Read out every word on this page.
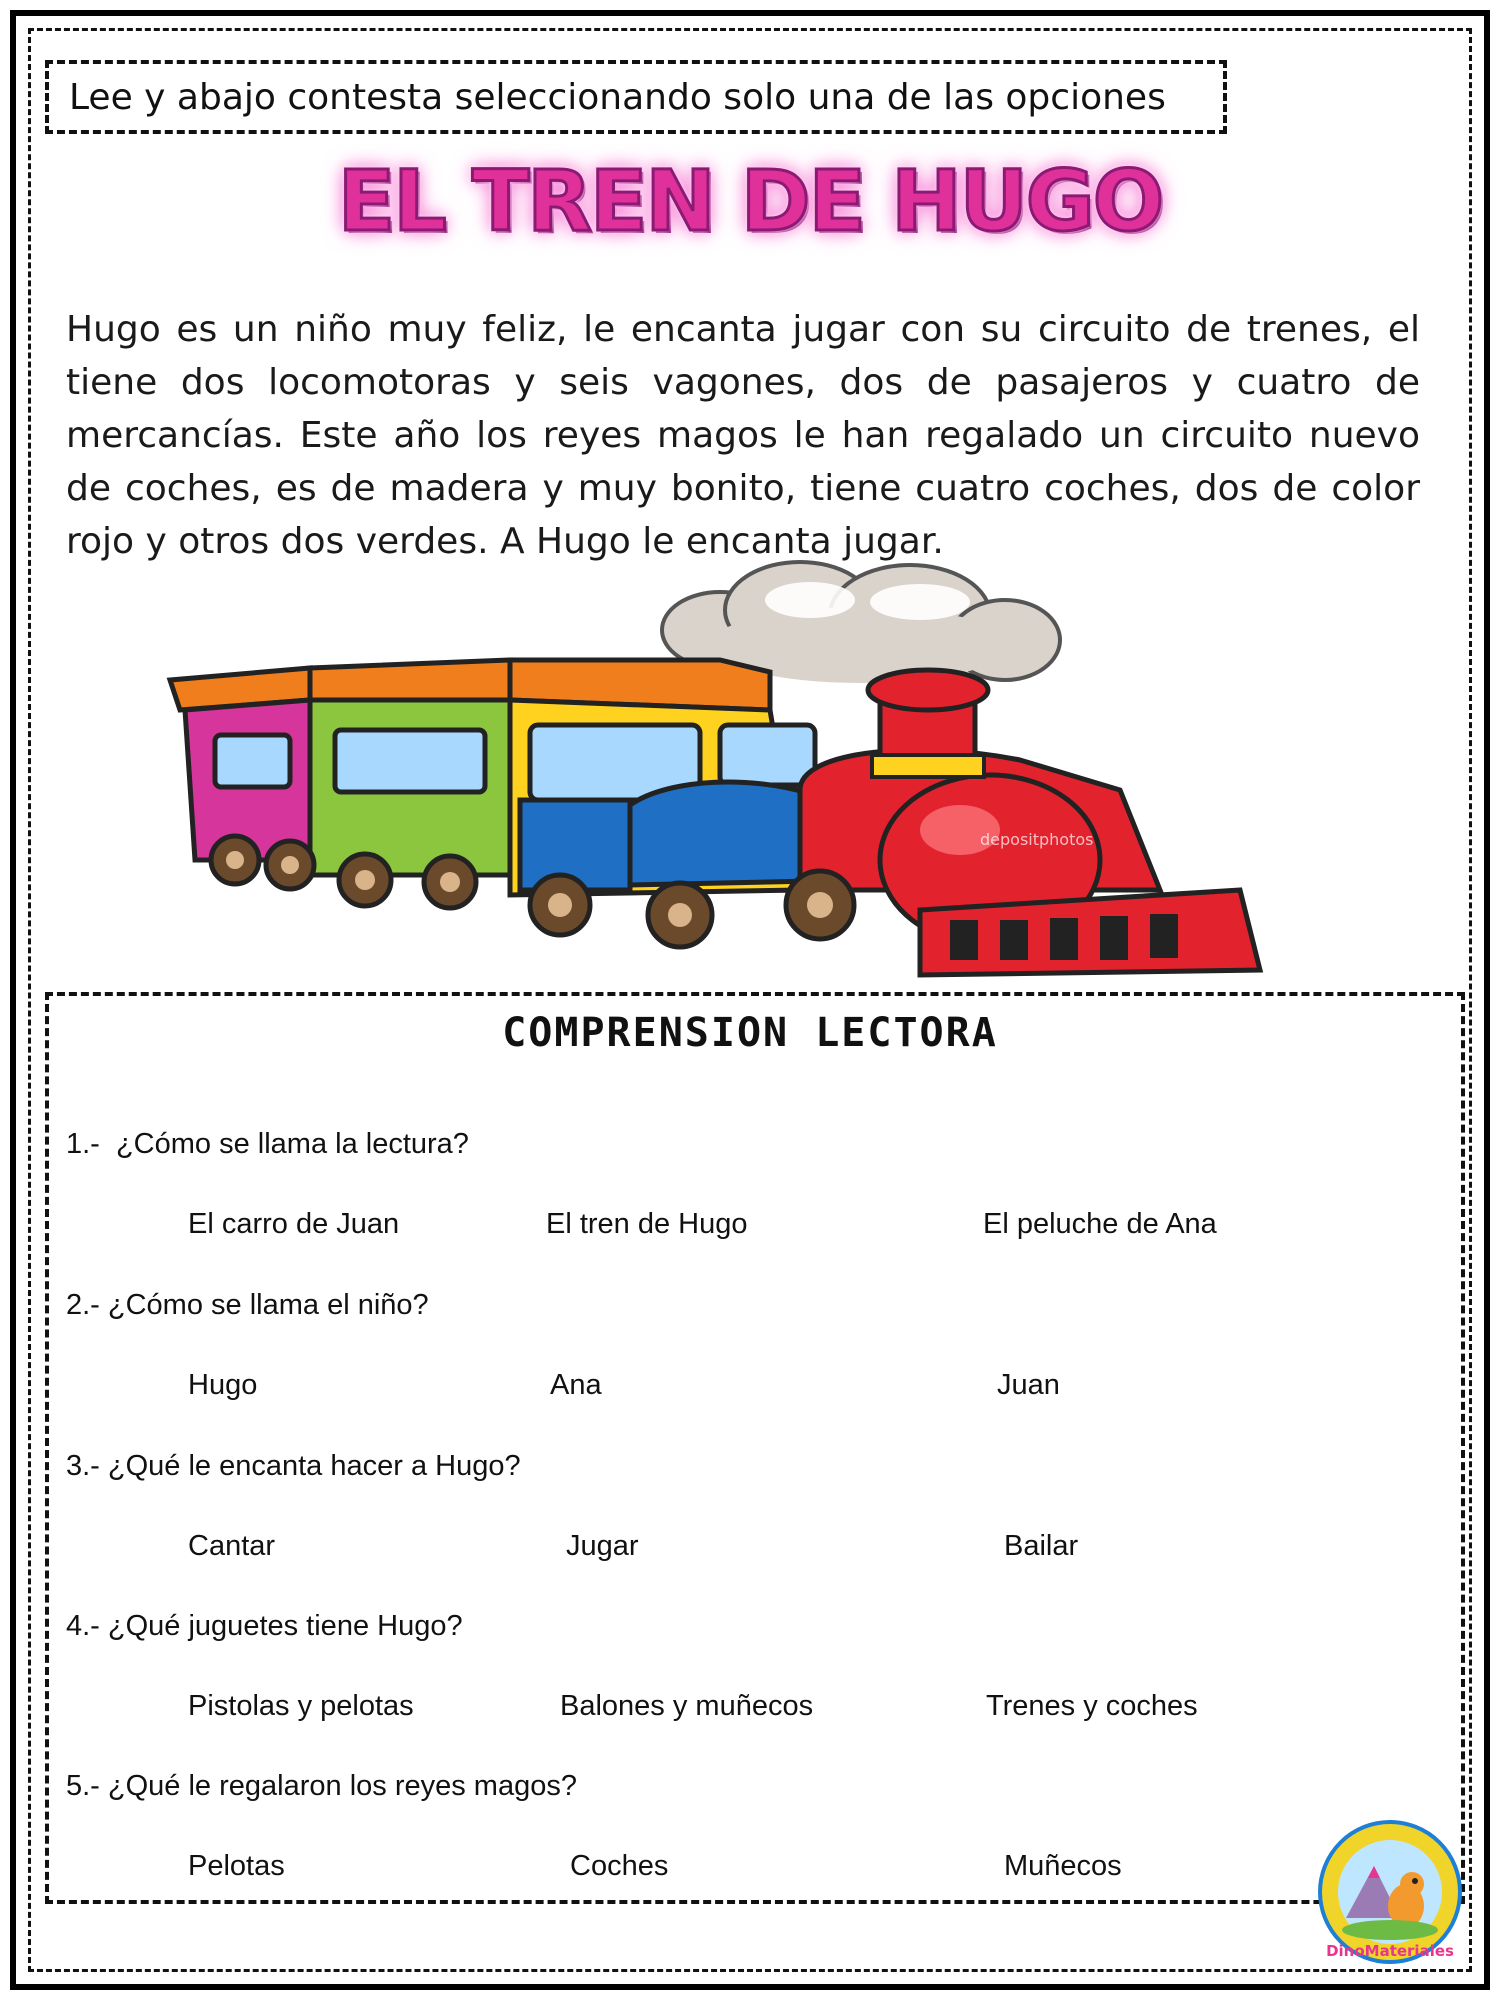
Lee y abajo contesta seleccionando solo una de las opciones
EL TREN DE HUGO

Hugo es un niño muy feliz, le encanta jugar con su circuito de trenes, el tiene dos locomotoras y seis vagones, dos de pasajeros y cuatro de mercancías. Este año los reyes magos le han regalado un circuito nuevo de coches, es de madera y muy bonito, tiene cuatro coches, dos de color rojo y otros dos verdes. A Hugo le encanta jugar.

depositphotos
COMPRENSION LECTORA
1.-  ¿Cómo se llama la lectura?
El carro de Juan	El tren de Hugo	El peluche de Ana
2.- ¿Cómo se llama el niño?
Hugo	Ana	Juan
3.- ¿Qué le encanta hacer a Hugo?
Cantar	Jugar	Bailar
4.- ¿Qué juguetes tiene Hugo?
Pistolas y pelotas	Balones y muñecos	Trenes y coches
5.- ¿Qué le regalaron los reyes magos?
Pelotas	Coches	Muñecos
DinoMateriales
